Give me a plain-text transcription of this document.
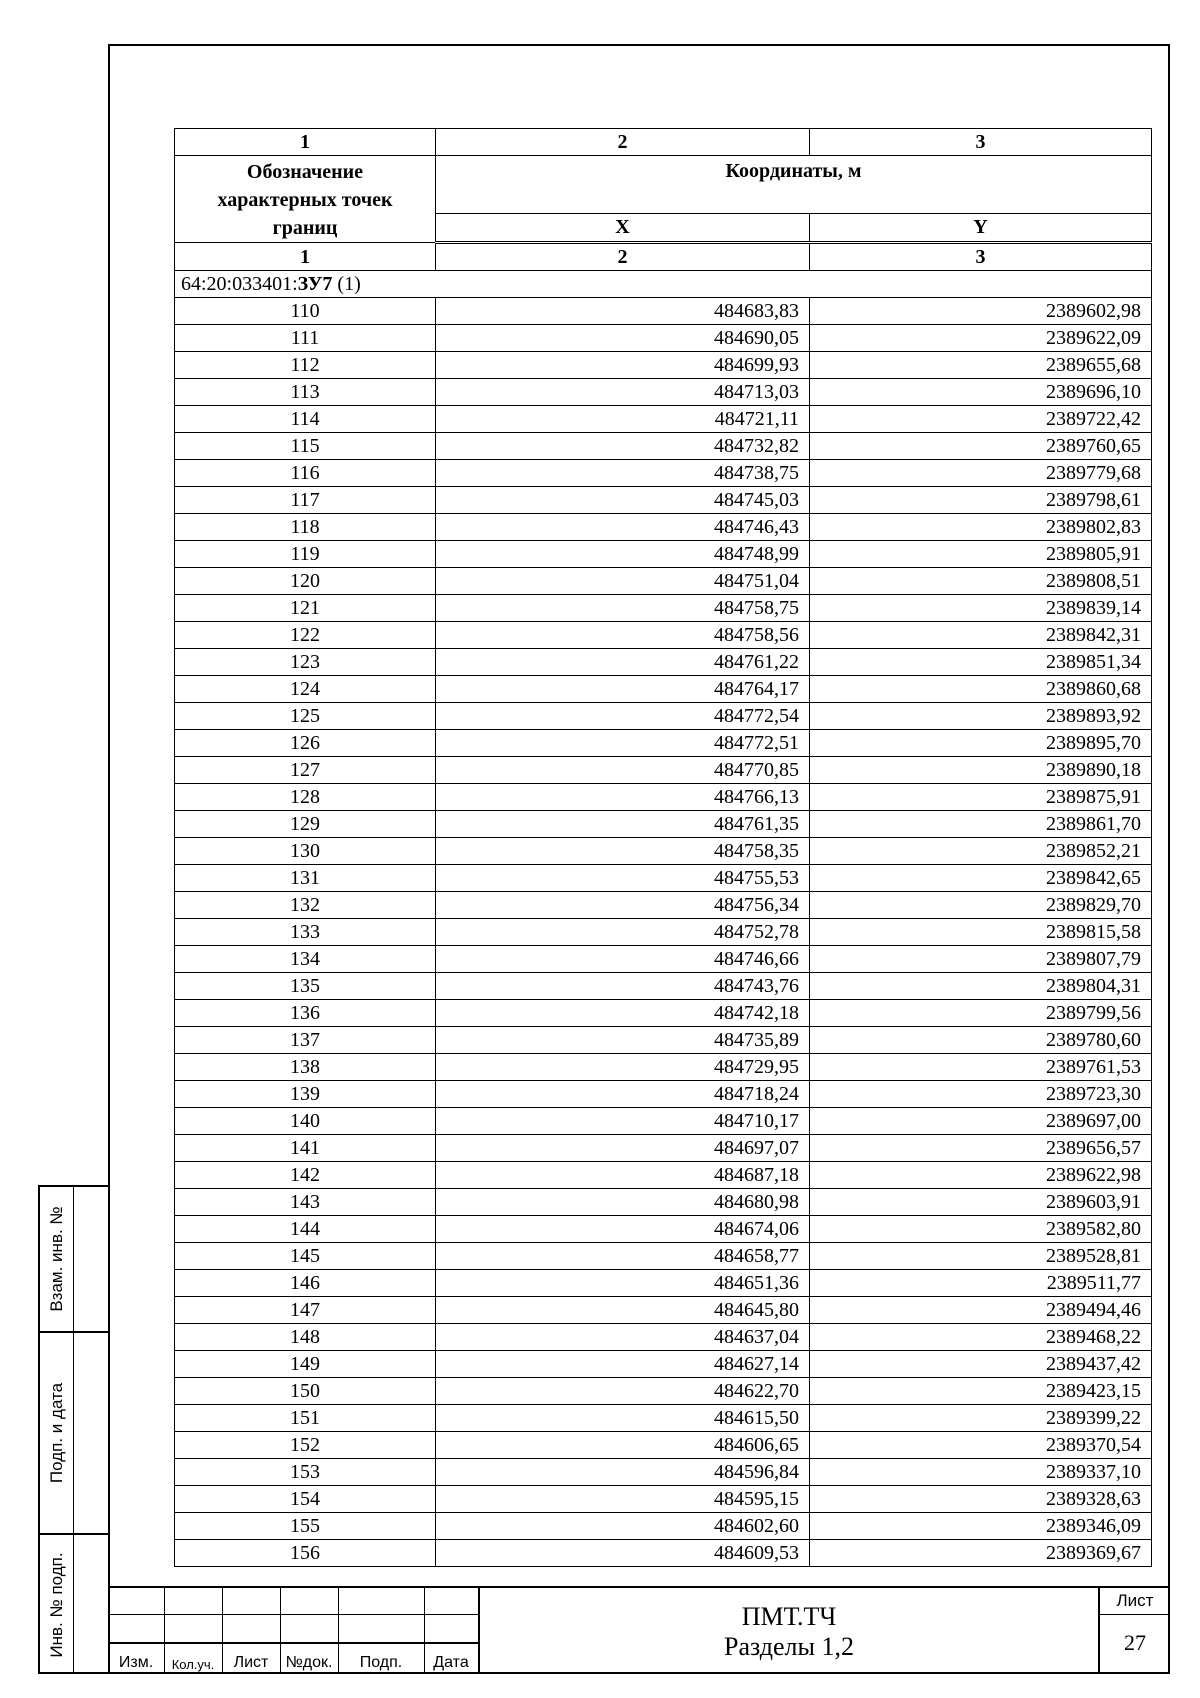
Взам. инв. №
Подп. и дата
Инв. № подп.
1	2	3
Обозначение характерных точек границ	Координаты, м	
	X	Y
1	2	3
64:20:033401:ЗУ7 (1)		
110	484683,83	2389602,98
111	484690,05	2389622,09
112	484699,93	2389655,68
113	484713,03	2389696,10
114	484721,11	2389722,42
115	484732,82	2389760,65
116	484738,75	2389779,68
117	484745,03	2389798,61
118	484746,43	2389802,83
119	484748,99	2389805,91
120	484751,04	2389808,51
121	484758,75	2389839,14
122	484758,56	2389842,31
123	484761,22	2389851,34
124	484764,17	2389860,68
125	484772,54	2389893,92
126	484772,51	2389895,70
127	484770,85	2389890,18
128	484766,13	2389875,91
129	484761,35	2389861,70
130	484758,35	2389852,21
131	484755,53	2389842,65
132	484756,34	2389829,70
133	484752,78	2389815,58
134	484746,66	2389807,79
135	484743,76	2389804,31
136	484742,18	2389799,56
137	484735,89	2389780,60
138	484729,95	2389761,53
139	484718,24	2389723,30
140	484710,17	2389697,00
141	484697,07	2389656,57
142	484687,18	2389622,98
143	484680,98	2389603,91
144	484674,06	2389582,80
145	484658,77	2389528,81
146	484651,36	2389511,77
147	484645,80	2389494,46
148	484637,04	2389468,22
149	484627,14	2389437,42
150	484622,70	2389423,15
151	484615,50	2389399,22
152	484606,65	2389370,54
153	484596,84	2389337,10
154	484595,15	2389328,63
155	484602,60	2389346,09
156	484609,53	2389369,67
Изм.	Кол.уч.	Лист	№док.	Подп.	Дата
ПМТ.ТЧ
Разделы 1,2
Лист
27
